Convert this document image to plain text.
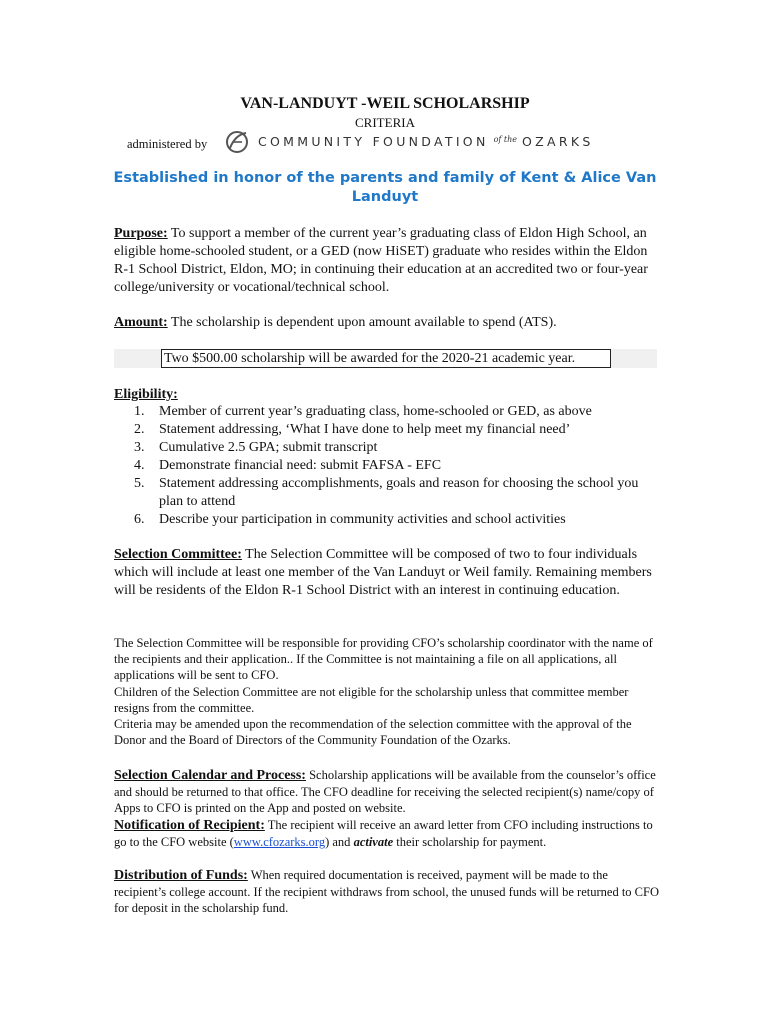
VAN-LANDUYT -WEIL SCHOLARSHIP
CRITERIA
administered by	COMMUNITY FOUNDATION $^{of the}$ OZARKS
Established in honor of the parents and family of Kent & Alice Van Landuyt
Purpose: To support a member of the current year’s graduating class of Eldon High School, an eligible home-schooled student, or a GED (now HiSET) graduate who resides within the Eldon R-1 School District, Eldon, MO; in continuing their education at an accredited two or four-year college/university or vocational/technical school.
Amount: The scholarship is dependent upon amount available to spend (ATS).
Two $500.00 scholarship will be awarded for the 2020-21 academic year.
Eligibility:
1. Member of current year’s graduating class, home-schooled or GED, as above
2. Statement addressing, ‘What I have done to help meet my financial need’
3. Cumulative 2.5 GPA; submit transcript
4. Demonstrate financial need: submit FAFSA - EFC
5. Statement addressing accomplishments, goals and reason for choosing the school you plan to attend
6. Describe your participation in community activities and school activities
Selection Committee: The Selection Committee will be composed of two to four individuals which will include at least one member of the Van Landuyt or Weil family. Remaining members will be residents of the Eldon R-1 School District with an interest in continuing education.
The Selection Committee will be responsible for providing CFO’s scholarship coordinator with the name of the recipients and their application.. If the Committee is not maintaining a file on all applications, all applications will be sent to CFO.
Children of the Selection Committee are not eligible for the scholarship unless that committee member resigns from the committee.
Criteria may be amended upon the recommendation of the selection committee with the approval of the Donor and the Board of Directors of the Community Foundation of the Ozarks.
Selection Calendar and Process: Scholarship applications will be available from the counselor’s office and should be returned to that office. The CFO deadline for receiving the selected recipient(s) name/copy of Apps to CFO is printed on the App and posted on website.
Notification of Recipient: The recipient will receive an award letter from CFO including instructions to go to the CFO website (www.cfozarks.org) and activate their scholarship for payment.
Distribution of Funds: When required documentation is received, payment will be made to the recipient’s college account. If the recipient withdraws from school, the unused funds will be returned to CFO for deposit in the scholarship fund.
